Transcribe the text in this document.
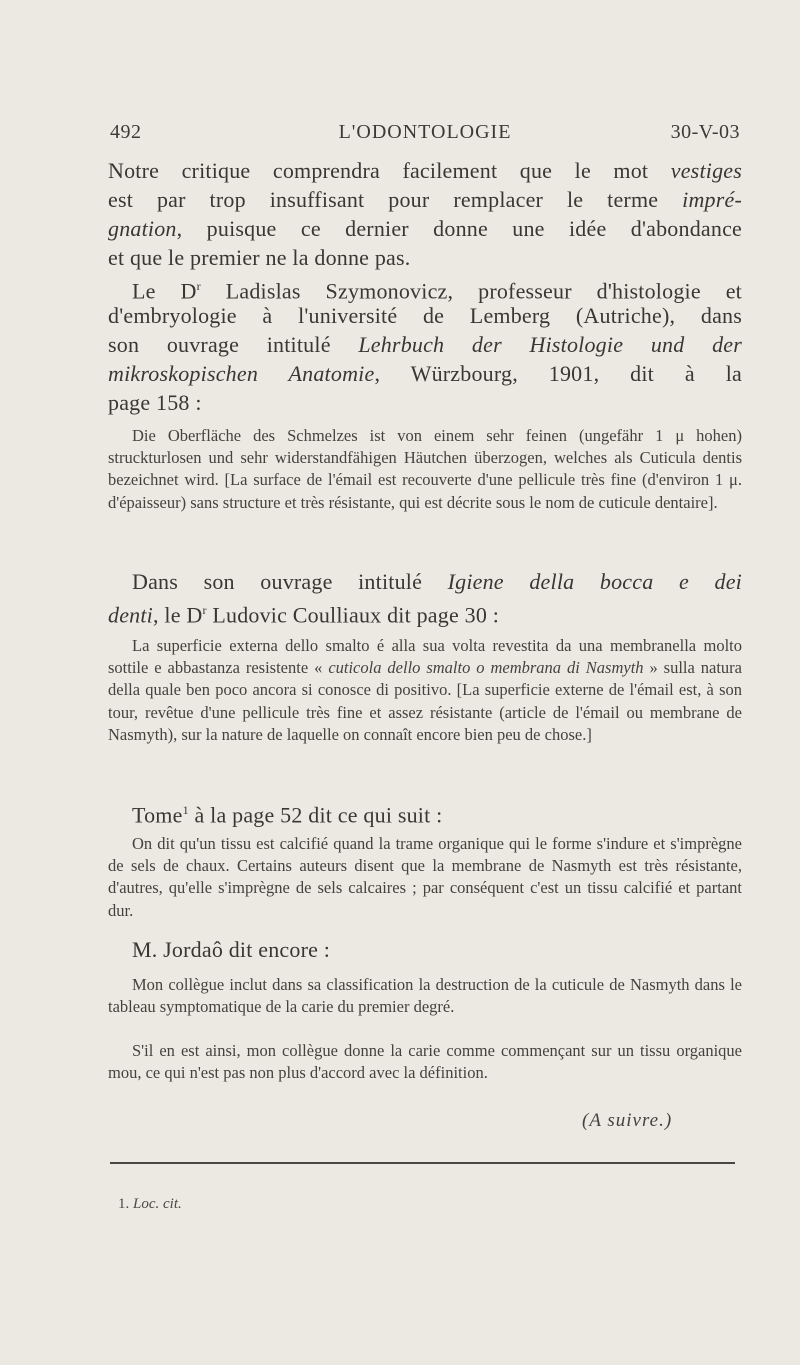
492	L'ODONTOLOGIE	30-V-03
Notre critique comprendra facilement que le mot vestiges
est par trop insuffisant pour remplacer le terme impré-
gnation, puisque ce dernier donne une idée d'abondance
et que le premier ne la donne pas.
Le $D^r$ Ladislas Szymonovicz, professeur d'histologie et
d'embryologie à l'université de Lemberg (Autriche), dans
son ouvrage intitulé Lehrbuch der Histologie und der
mikroskopischen Anatomie, Würzbourg, 1901, dit à la
page 158 :
Die Oberfläche des Schmelzes ist von einem sehr feinen (ungefähr 1 μ hohen) struckturlosen und sehr widerstandfähigen Häutchen überzogen, welches als Cuticula dentis bezeichnet wird. [La surface de l'émail est recouverte d'une pellicule très fine (d'environ 1 μ. d'épaisseur) sans structure et très résistante, qui est décrite sous le nom de cuticule dentaire].
Dans son ouvrage intitulé Igiene della bocca e dei
denti, le $D^r$ Ludovic Coulliaux dit page 30 :
La superficie externa dello smalto é alla sua volta revestita da una membranella molto sottile e abbastanza resistente « cuticola dello smalto o membrana di Nasmyth » sulla natura della quale ben poco ancora si conosce di positivo. [La superficie externe de l'émail est, à son tour, revêtue d'une pellicule très fine et assez résistante (article de l'émail ou membrane de Nasmyth), sur la nature de laquelle on connaît encore bien peu de chose.]
Tome$^1$ à la page 52 dit ce qui suit :
On dit qu'un tissu est calcifié quand la trame organique qui le forme s'indure et s'imprègne de sels de chaux. Certains auteurs disent que la membrane de Nasmyth est très résistante, d'autres, qu'elle s'imprègne de sels calcaires ; par conséquent c'est un tissu calcifié et partant dur.
M. Jordaô dit encore :
Mon collègue inclut dans sa classification la destruction de la cuticule de Nasmyth dans le tableau symptomatique de la carie du premier degré.
S'il en est ainsi, mon collègue donne la carie comme commençant sur un tissu organique mou, ce qui n'est pas non plus d'accord avec la définition.
(A suivre.)
1. Loc. cit.
